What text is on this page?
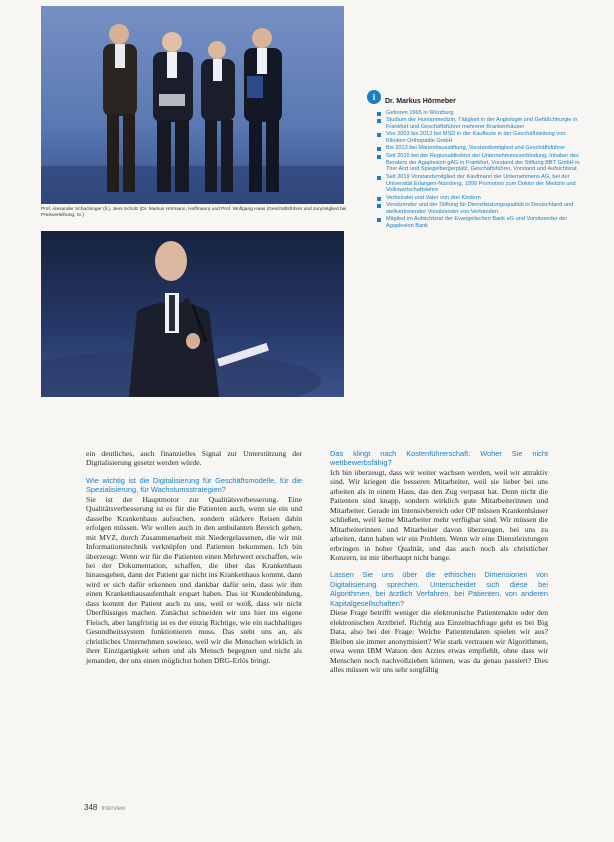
Prof. Alexander Schachinger (li.), Jens Scholz (Dr. Markus Hörmann, Hoffmann) und Prof. Wolfgang Haas (Geschäftsführer und Jurymitglied bei Preisverleihung, re.)
i	Dr. Markus Hörmeber
Geboren 1965 in Würzburg
Studium der Humanmedizin, Tätigkeit in der Angiologie und Gefäßchirurgie in Frankfurt und Geschäftsführer mehrerer Krankenhäuser
Von 2003 bis 2012 bei MSD in der Kaufleute in der Geschäftsleitung von Kliniken Orthopädie GmbH
Bis 2013 bei Marienhausstiftung, Vorstandsmitglied und Geschäftsführer
Seit 2015 bei der Regionaldirektor der Unternehmensverbindung, Inhaber des Beraters der Agaplesion gAG in Frankfurt, Vorstand der Stiftung BBT GmbH in Trier Arzt und Spiegelbergerplatz, Geschäftsführer, Vorstand und Aufsichtsrat
Seit 2019 Vorstandsmitglied der Kaufmann der Unternehmens AG, bei der Universität Erlangen-Nürnberg, 1999 Promotion zum Doktor der Medizin und Volkswirtschaftslehre
Verheiratet und Vater von drei Kindern
Vorsitzender und der Stiftung für Dienstleistungsqualität in Deutschland und stellvertretender Vorsitzender von Verbänden
Mitglied im Aufsichtsrat der Evangelischen Bank eG und Vorsitzender der Agaplesion Bank

ein deutliches, auch finanzielles Signal zur Unterstützung der Digitalisierung gesetzt werden würde.

Wie wichtig ist die Digitalisierung für Geschäftsmodelle, für die Spezialisierung, für Wachstumsstrategien?

Sie ist der Hauptmotor zur Qualitätsverbesserung. Eine Qualitätsverbesserung ist es für die Patienten auch, wenn sie ein und dasselbe Krankenhaus aufsuchen, sondern stärkere Reisen dahin erfolgen müssen. Wir wollen auch in den ambulanten Bereich gehen, mit MVZ, durch Zusammenarbeit mit Niedergelassenen, die wir mit Informationstechnik verknüpfen und Patienten bekommen. Ich bin überzeugt: Wenn wir für die Patienten einen Mehrwert erschaffen, wie bei der Dokumentation, schaffen, die über das Krankenhaus hinausgehen, dann der Patient gar nicht ins Krankenhaus kommt, dann wird er sich dafür erkennen und dankbar dafür sein, dass wir ihm einen Krankenhausaufenthalt erspart haben. Das ist Kundenbindung, dass kommt der Patient auch zu uns, weil er weiß, dass wir nicht Überflüssiges machen. Zunächst schneiden wir uns hier ins eigene Fleisch, aber langfristig ist es der einzig Richtige, wie ein nachhaltiges Gesundheitssystem funktionieren muss. Das steht uns an, als christliches Unternehmen sowieso, weil wir die Menschen wirklich in ihrer Einzigartigkeit sehen und als Mensch begegnen und nicht als jemanden, der uns einen möglichst hohen DRG-Erlös bringt.

Das klingt nach Kostenführerschaft: Woher Sie nicht wettbewerbsfähig?

Ich bin überzeugt, dass wir weiter wachsen werden, weil wir attraktiv sind. Wir kriegen die besseren Mitarbeiter, weil sie lieber bei uns arbeiten als in einem Haus, das den Zug verpasst hat. Denn nicht die Patienten sind knapp, sondern wirklich gute Mitarbeiterinnen und Mitarbeiter. Gerade im Intensivbereich oder OP müssen Krankenhäuser schließen, weil keine Mitarbeiter mehr verfügbar sind. Wir müssen die Mitarbeiterinnen und Mitarbeiter davon überzeugen, bei uns zu arbeiten, dann haben wir ein Problem. Wenn wir eine Dienstleistungen erbringen in hoher Qualität, und das auch noch als christlicher Konzern, ist mir überhaupt nicht bange.

Lassen Sie uns über die ethischen Dimensionen von Digitalisierung sprechen. Unterscheidet sich diese bei Algorithmen, bei ärztlich Verfahren, bei Patienten, von anderen Kapitalgesellschaften?

Diese Frage betrifft weniger die elektronische Patientenakte oder den elektronischen Arztbrief. Richtig aus Einzelnachfrage geht es bei Big Data, also bei der Frage: Welche Patientendaten spielen wir aus? Bleiben sie immer anonymisiert? Wie stark vertrauen wir Algorithmen, etwa wenn IBM Watson den Arztes etwas empfiehlt, ohne dass wir Menschen noch nachvollziehen können, was da genau passiert? Dies alles müssen wir uns sehr sorgfältig

348 Interview
